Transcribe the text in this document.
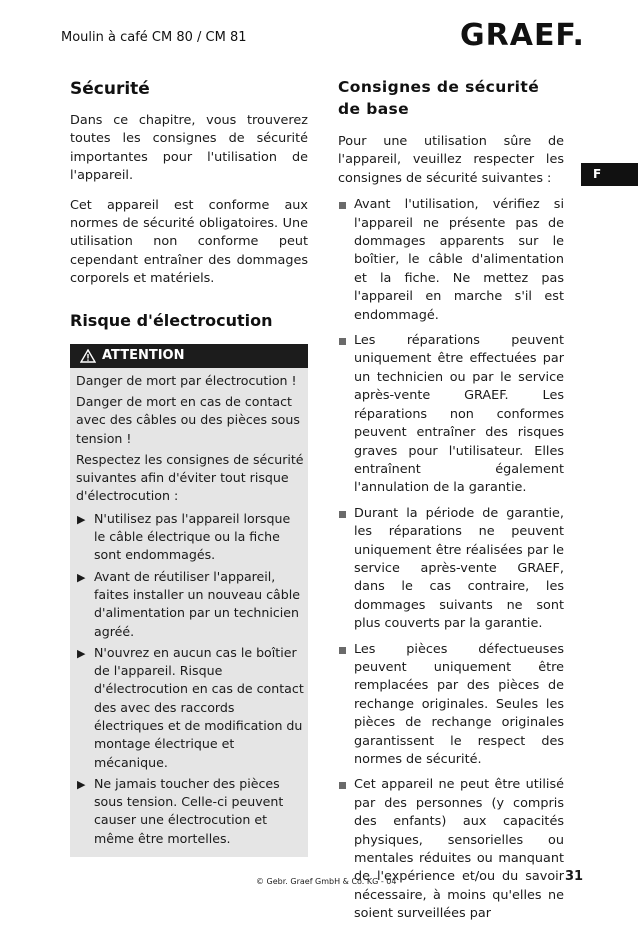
Moulin à café CM 80 / CM 81	GRAEF.
F
Sécurité

Dans ce chapitre, vous trouverez toutes les consignes de sécurité importantes pour l'utilisation de l'appareil.

Cet appareil est conforme aux normes de sécurité obligatoires. Une utilisation non conforme peut cependant entraîner des dommages corporels et matériels.

Risque d'électrocution
ATTENTION

Danger de mort par électrocution !

Danger de mort en cas de contact avec des câbles ou des pièces sous tension !

Respectez les consignes de sécurité suivantes afin d'éviter tout risque d'électrocution :

▶ N'utilisez pas l'appareil lorsque le câble électrique ou la fiche sont endommagés.
▶ Avant de réutiliser l'appareil, faites installer un nouveau câble d'alimentation par un technicien agréé.
▶ N'ouvrez en aucun cas le boîtier de l'appareil. Risque d'électrocution en cas de contact des avec des raccords électriques et de modification du montage électrique et mécanique.
▶ Ne jamais toucher des pièces sous tension. Celle-ci peuvent causer une électrocution et même être mortelles.
Consignes de sécurité de base

Pour une utilisation sûre de l'appareil, veuillez respecter les consignes de sécurité suivantes :

Avant l'utilisation, vérifiez si l'appareil ne présente pas de dommages apparents sur le boîtier, le câble d'alimentation et la fiche. Ne mettez pas l'appareil en marche s'il est endommagé.

Les réparations peuvent uniquement être effectuées par un technicien ou par le service après-vente GRAEF. Les réparations non conformes peuvent entraîner des risques graves pour l'utilisateur. Elles entraînent également l'annulation de la garantie.

Durant la période de garantie, les réparations ne peuvent uniquement être réalisées par le service après-vente GRAEF, dans le cas contraire, les dommages suivants ne sont plus couverts par la garantie.

Les pièces défectueuses peuvent uniquement être remplacées par des pièces de rechange originales. Seules les pièces de rechange originales garantissent le respect des normes de sécurité.

Cet appareil ne peut être utilisé par des personnes (y compris des enfants) aux capacités physiques, sensorielles ou mentales réduites ou manquant de l'expérience et/ou du savoir nécessaire, à moins qu'elles ne soient surveillées par

© Gebr. Graef GmbH & Co. KG - 04	31
